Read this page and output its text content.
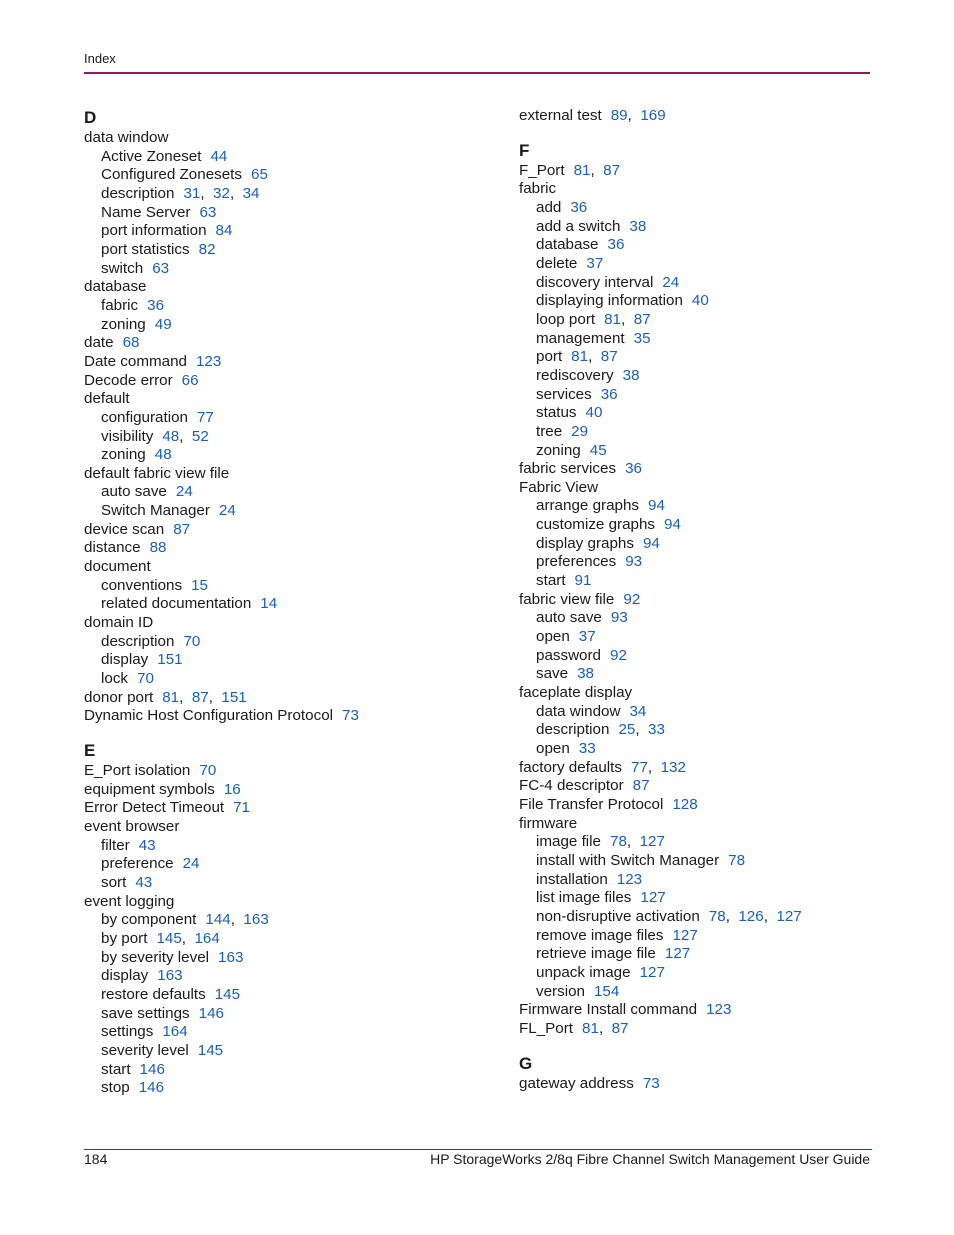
Index
D
data window
Active Zoneset 44
Configured Zonesets 65
description 31,  32,  34
Name Server 63
port information 84
port statistics 82
switch 63
database
fabric 36
zoning 49
date 68
Date command 123
Decode error 66
default
configuration 77
visibility 48,  52
zoning 48
default fabric view file
auto save 24
Switch Manager 24
device scan 87
distance 88
document
conventions 15
related documentation 14
domain ID
description 70
display 151
lock 70
donor port 81,  87,  151
Dynamic Host Configuration Protocol 73
E
E_Port isolation 70
equipment symbols 16
Error Detect Timeout 71
event browser
filter 43
preference 24
sort 43
event logging
by component 144,  163
by port 145,  164
by severity level 163
display 163
restore defaults 145
save settings 146
settings 164
severity level 145
start 146
stop 146
external test 89,  169
F
F_Port 81,  87
fabric
add 36
add a switch 38
database 36
delete 37
discovery interval 24
displaying information 40
loop port 81,  87
management 35
port 81,  87
rediscovery 38
services 36
status 40
tree 29
zoning 45
fabric services 36
Fabric View
arrange graphs 94
customize graphs 94
display graphs 94
preferences 93
start 91
fabric view file 92
auto save 93
open 37
password 92
save 38
faceplate display
data window 34
description 25,  33
open 33
factory defaults 77,  132
FC-4 descriptor 87
File Transfer Protocol 128
firmware
image file 78,  127
install with Switch Manager 78
installation 123
list image files 127
non-disruptive activation 78,  126,  127
remove image files 127
retrieve image file 127
unpack image 127
version 154
Firmware Install command 123
FL_Port 81,  87
G
gateway address 73
184	HP StorageWorks 2/8q Fibre Channel Switch Management User Guide
